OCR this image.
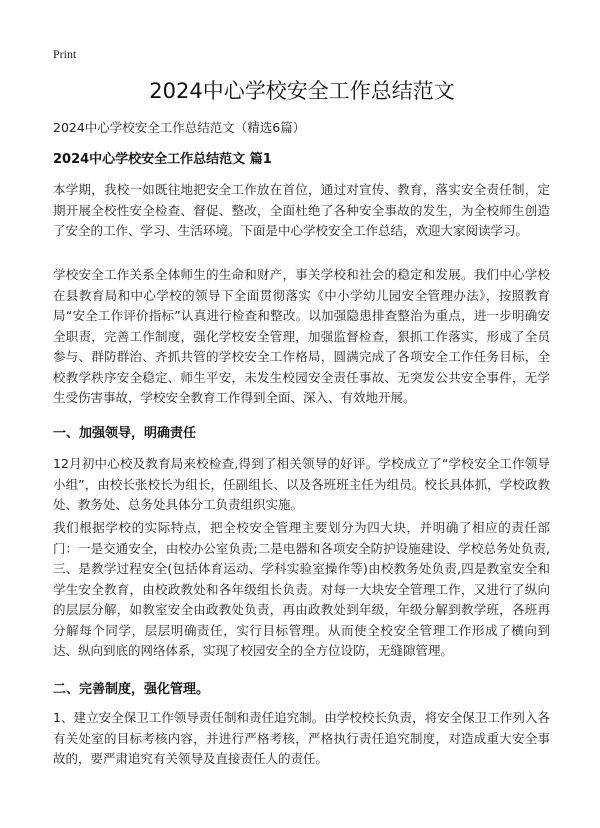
Print
2024中心学校安全工作总结范文
2024中心学校安全工作总结范文（精选6篇）
2024中心学校安全工作总结范文 篇1

本学期，我校一如既往地把安全工作放在首位，通过对宣传、教育，落实安全责任制，定期开展全校性安全检查、督促、整改，全面杜绝了各种安全事故的发生，为全校师生创造了安全的工作、学习、生活环境。下面是中心学校安全工作总结，欢迎大家阅读学习。

学校安全工作关系全体师生的生命和财产，事关学校和社会的稳定和发展。我们中心学校在县教育局和中心学校的领导下全面贯彻落实《中小学幼儿园安全管理办法》，按照教育局“安全工作评价指标”认真进行检查和整改。以加强隐患排查整治为重点，进一步明确安全职责，完善工作制度，强化学校安全管理，加强监督检查，狠抓工作落实，形成了全员参与、群防群治、齐抓共管的学校安全工作格局，圆满完成了各项安全工作任务目标，全校教学秩序安全稳定、师生平安，未发生校园安全责任事故、无突发公共安全事件，无学生受伤害事故，学校安全教育工作得到全面、深入、有效地开展。

一、加强领导，明确责任

12月初中心校及教育局来校检查,得到了相关领导的好评。学校成立了“学校安全工作领导小组”，由校长张校长为组长，任副组长、以及各班班主任为组员。校长具体抓，学校政教处、教务处、总务处具体分工负责组织实施。

我们根据学校的实际特点，把全校安全管理主要划分为四大块，并明确了相应的责任部门：一是交通安全，由校办公室负责;二是电器和各项安全防护设施建设、学校总务处负责,三、是教学过程安全(包括体育运动、学科实验室操作等)由校教务处负责,四是教室安全和学生安全教育，由校政教处和各年级组长负责。对每一大块安全管理工作，又进行了纵向的层层分解，如教室安全由政教处负责，再由政教处到年级，年级分解到教学班，各班再分解每个同学，层层明确责任，实行目标管理。从而使全校安全管理工作形成了横向到达、纵向到底的网络体系，实现了校园安全的全方位设防，无缝隙管理。

二、完善制度，强化管理。

1、建立安全保卫工作领导责任制和责任追究制。由学校校长负责，将安全保卫工作列入各有关处室的目标考核内容，并进行严格考核，严格执行责任追究制度，对造成重大安全事故的，要严肃追究有关领导及直接责任人的责任。
